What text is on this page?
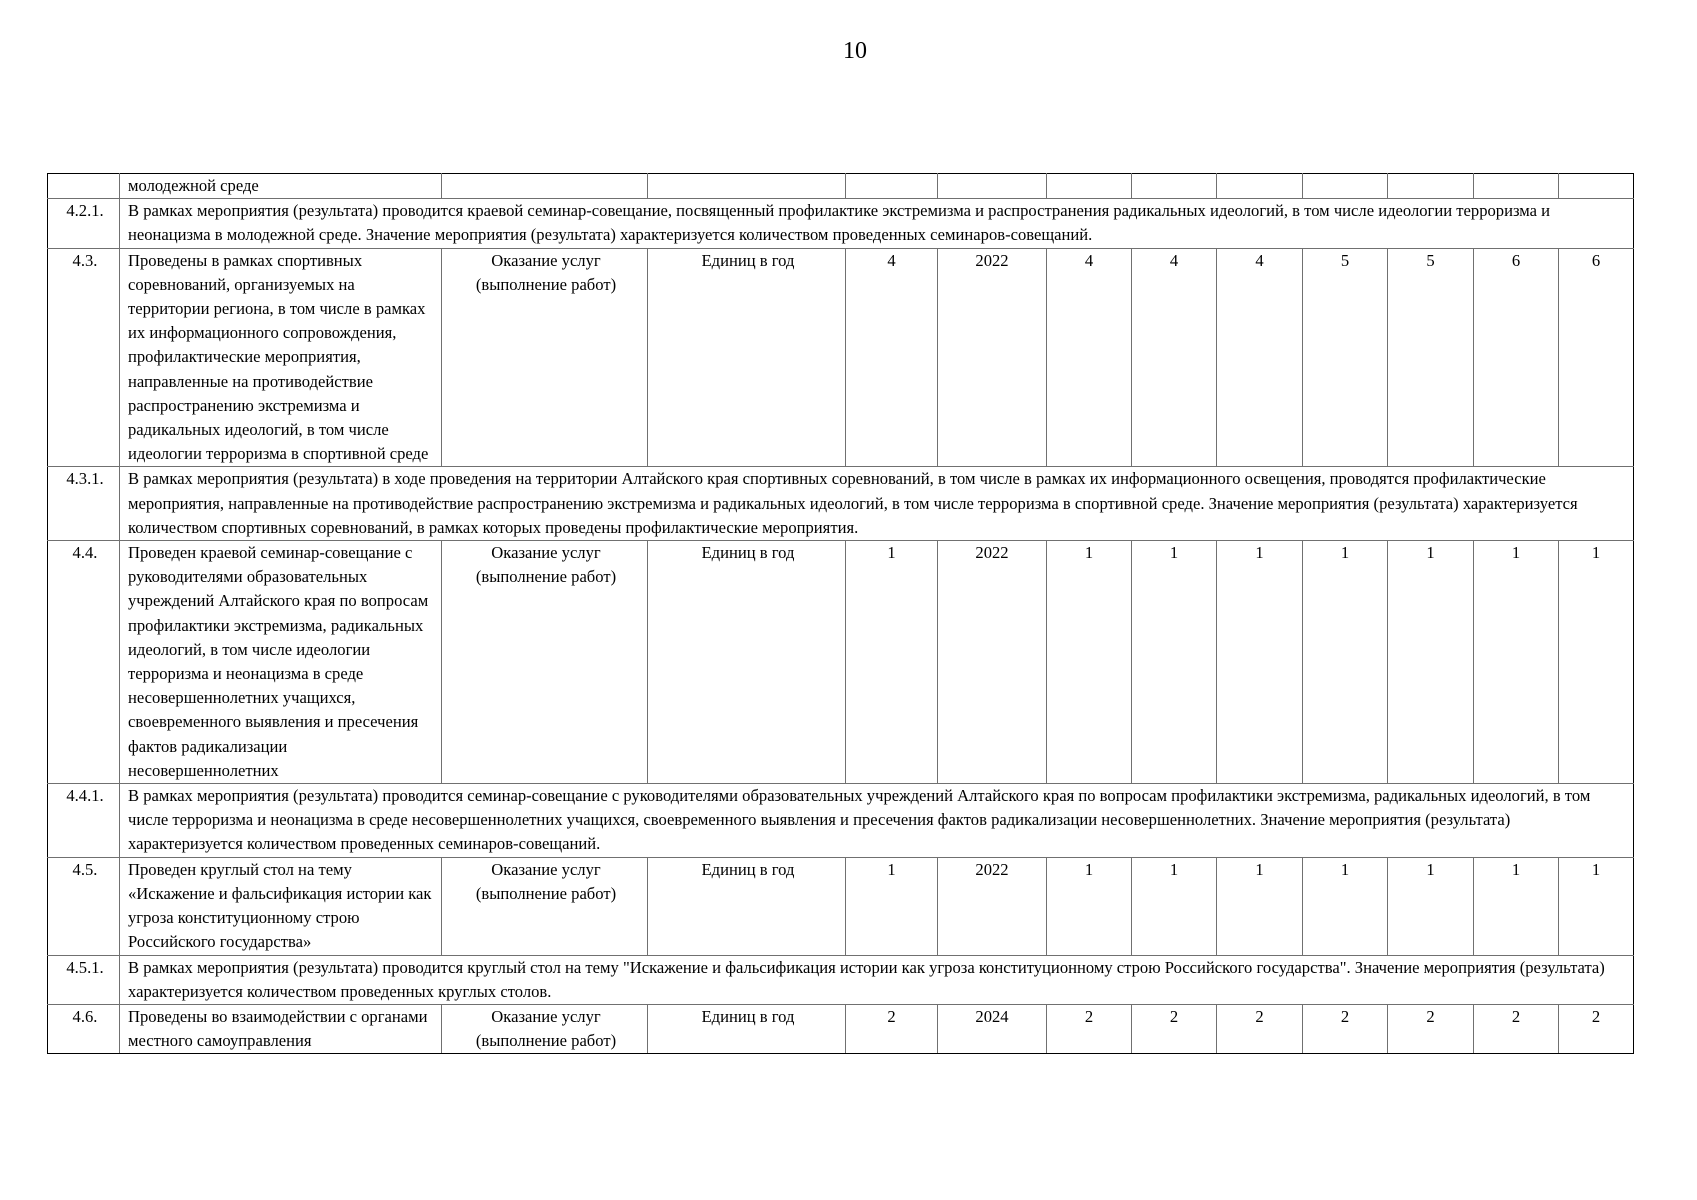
10
	молодежной среде											
4.2.1.	В рамках мероприятия (результата) проводится краевой семинар-совещание, посвященный профилактике экстремизма и распространения радикальных идеологий, в том числе идеологии терроризма и неонацизма в молодежной среде. Значение мероприятия (результата) характеризуется количеством проведенных семинаров-совещаний.											
4.3.	Проведены в рамках спортивных соревнований, организуемых на территории региона, в том числе в рамках их информационного сопровождения, профилактические мероприятия, направленные на противодействие распространению экстремизма и радикальных идеологий, в том числе идеологии терроризма в спортивной среде	Оказание услуг (выполнение работ)	Единиц в год	4	2022	4	4	4	5	5	6	6
4.3.1.	В рамках мероприятия (результата) в ходе проведения на территории Алтайского края спортивных соревнований, в том числе в рамках их информационного освещения, проводятся профилактические мероприятия, направленные на противодействие распространению экстремизма и радикальных идеологий, в том числе терроризма в спортивной среде. Значение мероприятия (результата) характеризуется количеством спортивных соревнований, в рамках которых проведены профилактические мероприятия.											
4.4.	Проведен краевой семинар-совещание с руководителями образовательных учреждений Алтайского края по вопросам профилактики экстремизма, радикальных идеологий, в том числе идеологии терроризма и неонацизма в среде несовершеннолетних учащихся, своевременного выявления и пресечения фактов радикализации несовершеннолетних	Оказание услуг (выполнение работ)	Единиц в год	1	2022	1	1	1	1	1	1	1
4.4.1.	В рамках мероприятия (результата) проводится семинар-совещание с руководителями образовательных учреждений Алтайского края по вопросам профилактики экстремизма, радикальных идеологий, в том числе терроризма и неонацизма в среде несовершеннолетних учащихся, своевременного выявления и пресечения фактов радикализации несовершеннолетних. Значение мероприятия (результата) характеризуется количеством проведенных семинаров-совещаний.											
4.5.	Проведен круглый стол на тему «Искажение и фальсификация истории как угроза конституционному строю Российского государства»	Оказание услуг (выполнение работ)	Единиц в год	1	2022	1	1	1	1	1	1	1
4.5.1.	В рамках мероприятия (результата) проводится круглый стол на тему "Искажение и фальсификация истории как угроза конституционному строю Российского государства". Значение мероприятия (результата) характеризуется количеством проведенных круглых столов.											
4.6.	Проведены во взаимодействии с органами местного самоуправления	Оказание услуг (выполнение работ)	Единиц в год	2	2024	2	2	2	2	2	2	2
